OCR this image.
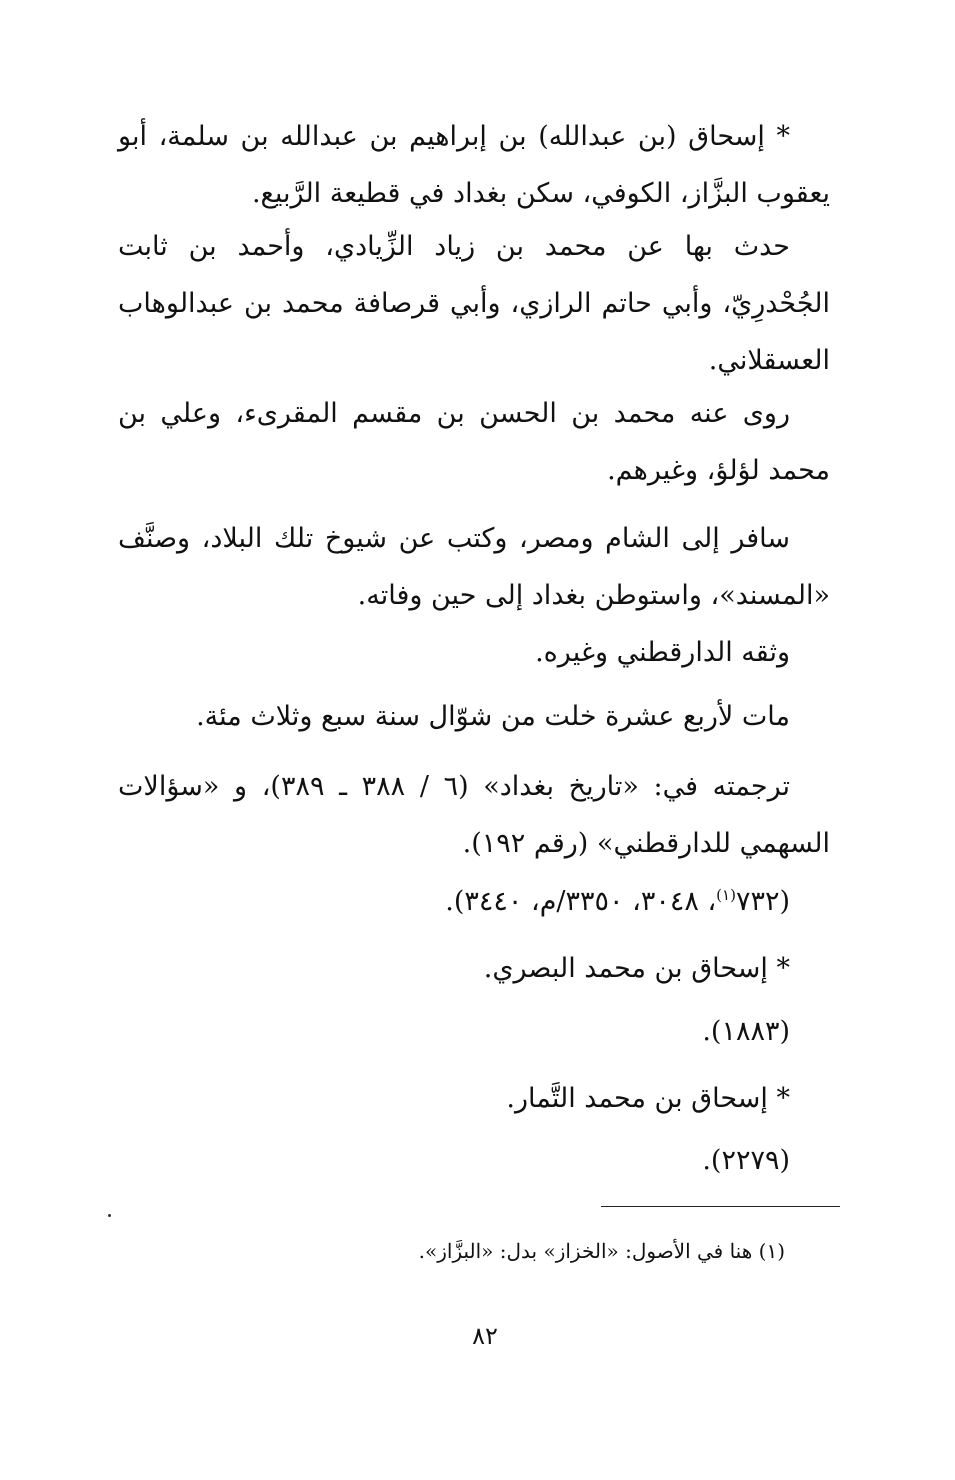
* إسحاق (بن عبدالله) بن إبراهيم بن عبدالله بن سلمة، أبو يعقوب البزَّاز، الكوفي، سكن بغداد في قطيعة الرَّبيع.

حدث بها عن محمد بن زياد الزِّيادي، وأحمد بن ثابت الجُحْدرِيّ، وأبي حاتم الرازي، وأبي قرصافة محمد بن عبدالوهاب العسقلاني.

روى عنه محمد بن الحسن بن مقسم المقرىء، وعلي بن محمد لؤلؤ، وغيرهم.

سافر إلى الشام ومصر، وكتب عن شيوخ تلك البلاد، وصنَّف «المسند»، واستوطن بغداد إلى حين وفاته.

وثقه الدارقطني وغيره.

مات لأربع عشرة خلت من شوّال سنة سبع وثلاث مئة.

ترجمته في: «تاريخ بغداد» (٦ / ٣٨٨ ـ ٣٨٩)، و «سؤالات السهمي للدارقطني» (رقم ١٩٢).

(٧٣٢$^{(١)}$، ٣٠٤٨، ٣٣٥٠/م، ٣٤٤٠).

* إسحاق بن محمد البصري.

(١٨٨٣).

* إسحاق بن محمد التَّمار.

(٢٢٧٩).

(١) هنا في الأصول: «الخزاز» بدل: «البزَّاز».
٨٢
